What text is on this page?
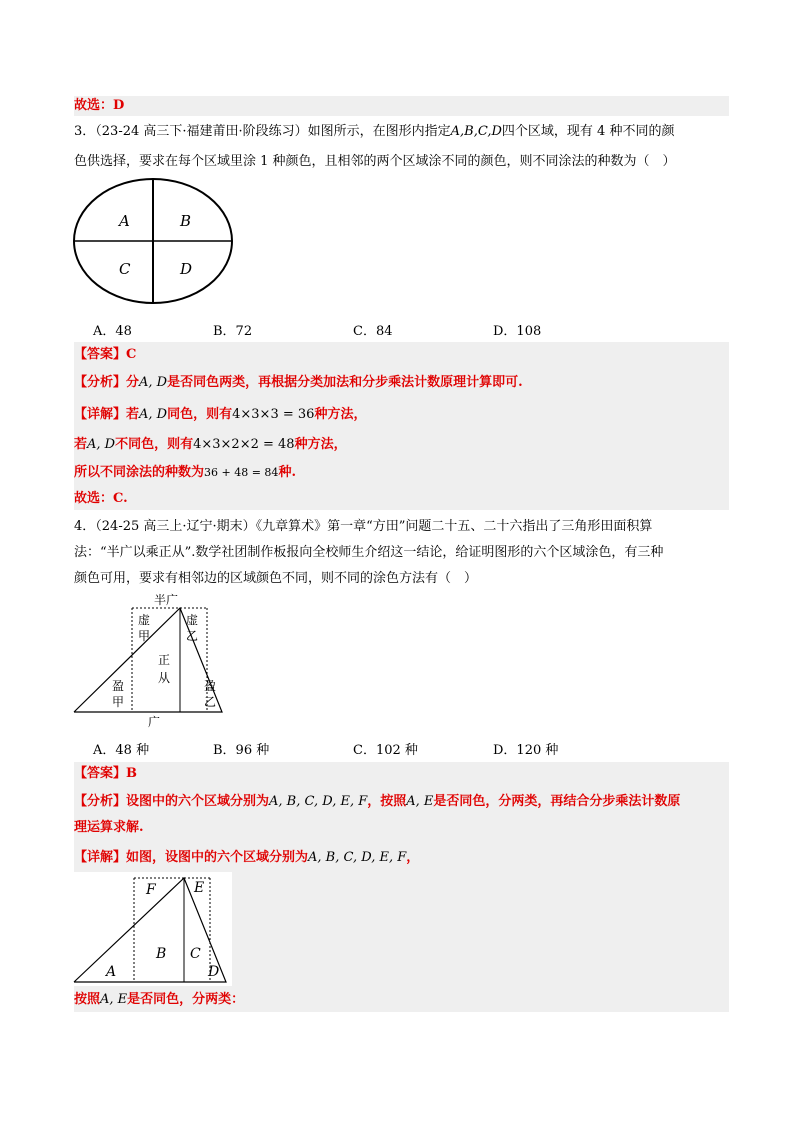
故选：D
3．（23-24 高三下·福建莆田·阶段练习）如图所示，在图形内指定A,B,C,D四个区域，现有 4 种不同的颜
色供选择，要求在每个区域里涂 1 种颜色，且相邻的两个区域涂不同的颜色，则不同涂法的种数为（　）
A	B
C	D
A．48	B．72	C．84	D．108
【答案】C
【分析】分A, D是否同色两类，再根据分类加法和分步乘法计数原理计算即可.
【详解】若A, D同色，则有4×3×3 = 36种方法，
若A, D不同色，则有4×3×2×2 = 48种方法，
所以不同涂法的种数为36 + 48 = 84种.
故选：C.
4．（24-25 高三上·辽宁·期末）《九章算术》第一章“方田”问题二十五、二十六指出了三角形田面积算
法：“半广以乘正从”.数学社团制作板报向全校师生介绍这一结论，给证明图形的六个区域涂色，有三种
颜色可用，要求有相邻边的区域颜色不同，则不同的涂色方法有（　）
半广
虚
甲
虚
乙
正
从
盈
甲
盈
乙
广
A．48 种	B．96 种	C．102 种	D．120 种
【答案】B
【分析】设图中的六个区域分别为A, B, C, D, E, F，按照A, E是否同色，分两类，再结合分步乘法计数原
理运算求解.
【详解】如图，设图中的六个区域分别为A, B, C, D, E, F，
F	E
B C
A	D
按照A, E是否同色，分两类：
